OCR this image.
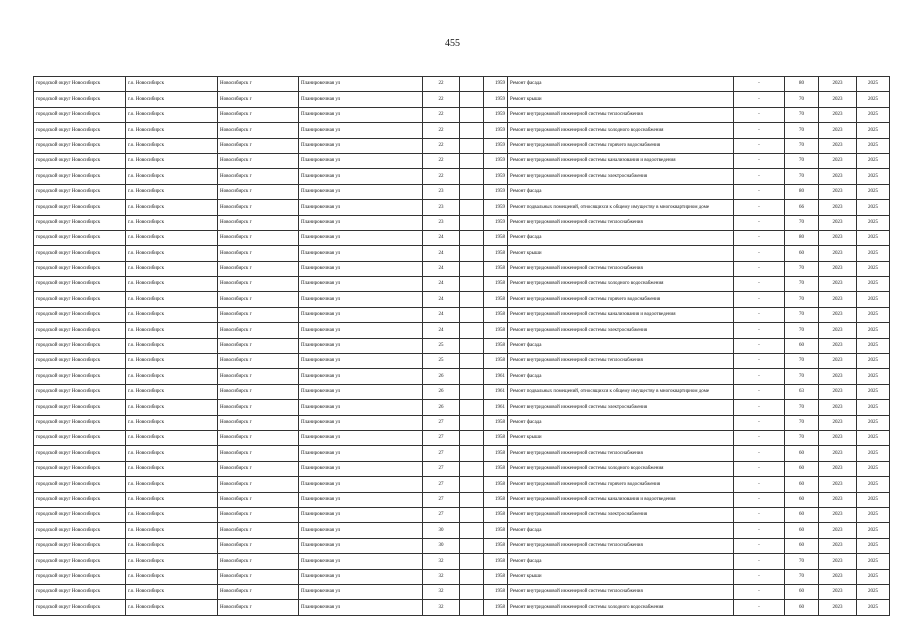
455
городской округ Новосибирск	г.о. Новосибирск	Новосибирск г	Планировочная ул	22		1959	Ремонт фасада	-	80	2023	2025
городской округ Новосибирск	г.о. Новосибирск	Новосибирск г	Планировочная ул	22		1959	Ремонт крыши	-	70	2023	2025
городской округ Новосибирск	г.о. Новосибирск	Новосибирск г	Планировочная ул	22		1959	Ремонт внутридомовой инженерной системы теплоснабжения	-	70	2023	2025
городской округ Новосибирск	г.о. Новосибирск	Новосибирск г	Планировочная ул	22		1959	Ремонт внутридомовой инженерной системы холодного водоснабжения	-	70	2023	2025
городской округ Новосибирск	г.о. Новосибирск	Новосибирск г	Планировочная ул	22		1959	Ремонт внутридомовой инженерной системы горячего водоснабжения	-	70	2023	2025
городской округ Новосибирск	г.о. Новосибирск	Новосибирск г	Планировочная ул	22		1959	Ремонт внутридомовой инженерной системы канализования и водоотведения	-	70	2023	2025
городской округ Новосибирск	г.о. Новосибирск	Новосибирск г	Планировочная ул	22		1959	Ремонт внутридомовой инженерной системы электроснабжения	-	70	2023	2025
городской округ Новосибирск	г.о. Новосибирск	Новосибирск г	Планировочная ул	23		1959	Ремонт фасада	-	80	2023	2025
городской округ Новосибирск	г.о. Новосибирск	Новосибирск г	Планировочная ул	23		1959	Ремонт подвальных помещений, относящихся к общему имуществу в многоквартирном доме	-	66	2023	2025
городской округ Новосибирск	г.о. Новосибирск	Новосибирск г	Планировочная ул	23		1959	Ремонт внутридомовой инженерной системы теплоснабжения	-	70	2023	2025
городской округ Новосибирск	г.о. Новосибирск	Новосибирск г	Планировочная ул	24		1958	Ремонт фасада	-	80	2023	2025
городской округ Новосибирск	г.о. Новосибирск	Новосибирск г	Планировочная ул	24		1958	Ремонт крыши	-	60	2023	2025
городской округ Новосибирск	г.о. Новосибирск	Новосибирск г	Планировочная ул	24		1958	Ремонт внутридомовой инженерной системы теплоснабжения	-	70	2023	2025
городской округ Новосибирск	г.о. Новосибирск	Новосибирск г	Планировочная ул	24		1958	Ремонт внутридомовой инженерной системы холодного водоснабжения	-	70	2023	2025
городской округ Новосибирск	г.о. Новосибирск	Новосибирск г	Планировочная ул	24		1958	Ремонт внутридомовой инженерной системы горячего водоснабжения	-	70	2023	2025
городской округ Новосибирск	г.о. Новосибирск	Новосибирск г	Планировочная ул	24		1958	Ремонт внутридомовой инженерной системы канализования и водоотведения	-	70	2023	2025
городской округ Новосибирск	г.о. Новосибирск	Новосибирск г	Планировочная ул	24		1958	Ремонт внутридомовой инженерной системы электроснабжения	-	70	2023	2025
городской округ Новосибирск	г.о. Новосибирск	Новосибирск г	Планировочная ул	25		1958	Ремонт фасада	-	60	2023	2025
городской округ Новосибирск	г.о. Новосибирск	Новосибирск г	Планировочная ул	25		1958	Ремонт внутридомовой инженерной системы теплоснабжения	-	70	2023	2025
городской округ Новосибирск	г.о. Новосибирск	Новосибирск г	Планировочная ул	26		1961	Ремонт фасада	-	70	2023	2025
городской округ Новосибирск	г.о. Новосибирск	Новосибирск г	Планировочная ул	26		1961	Ремонт подвальных помещений, относящихся к общему имуществу в многоквартирном доме	-	63	2023	2025
городской округ Новосибирск	г.о. Новосибирск	Новосибирск г	Планировочная ул	26		1961	Ремонт внутридомовой инженерной системы электроснабжения	-	70	2023	2025
городской округ Новосибирск	г.о. Новосибирск	Новосибирск г	Планировочная ул	27		1958	Ремонт фасада	-	70	2023	2025
городской округ Новосибирск	г.о. Новосибирск	Новосибирск г	Планировочная ул	27		1958	Ремонт крыши	-	70	2023	2025
городской округ Новосибирск	г.о. Новосибирск	Новосибирск г	Планировочная ул	27		1958	Ремонт внутридомовой инженерной системы теплоснабжения	-	60	2023	2025
городской округ Новосибирск	г.о. Новосибирск	Новосибирск г	Планировочная ул	27		1958	Ремонт внутридомовой инженерной системы холодного водоснабжения	-	60	2023	2025
городской округ Новосибирск	г.о. Новосибирск	Новосибирск г	Планировочная ул	27		1958	Ремонт внутридомовой инженерной системы горячего водоснабжения	-	60	2023	2025
городской округ Новосибирск	г.о. Новосибирск	Новосибирск г	Планировочная ул	27		1958	Ремонт внутридомовой инженерной системы канализования и водоотведения	-	60	2023	2025
городской округ Новосибирск	г.о. Новосибирск	Новосибирск г	Планировочная ул	27		1958	Ремонт внутридомовой инженерной системы электроснабжения	-	60	2023	2025
городской округ Новосибирск	г.о. Новосибирск	Новосибирск г	Планировочная ул	30		1958	Ремонт фасада	-	60	2023	2025
городской округ Новосибирск	г.о. Новосибирск	Новосибирск г	Планировочная ул	30		1958	Ремонт внутридомовой инженерной системы теплоснабжения	-	60	2023	2025
городской округ Новосибирск	г.о. Новосибирск	Новосибирск г	Планировочная ул	32		1958	Ремонт фасада	-	70	2023	2025
городской округ Новосибирск	г.о. Новосибирск	Новосибирск г	Планировочная ул	32		1958	Ремонт крыши	-	70	2023	2025
городской округ Новосибирск	г.о. Новосибирск	Новосибирск г	Планировочная ул	32		1958	Ремонт внутридомовой инженерной системы теплоснабжения	-	60	2023	2025
городской округ Новосибирск	г.о. Новосибирск	Новосибирск г	Планировочная ул	32		1958	Ремонт внутридомовой инженерной системы холодного водоснабжения	-	60	2023	2025
